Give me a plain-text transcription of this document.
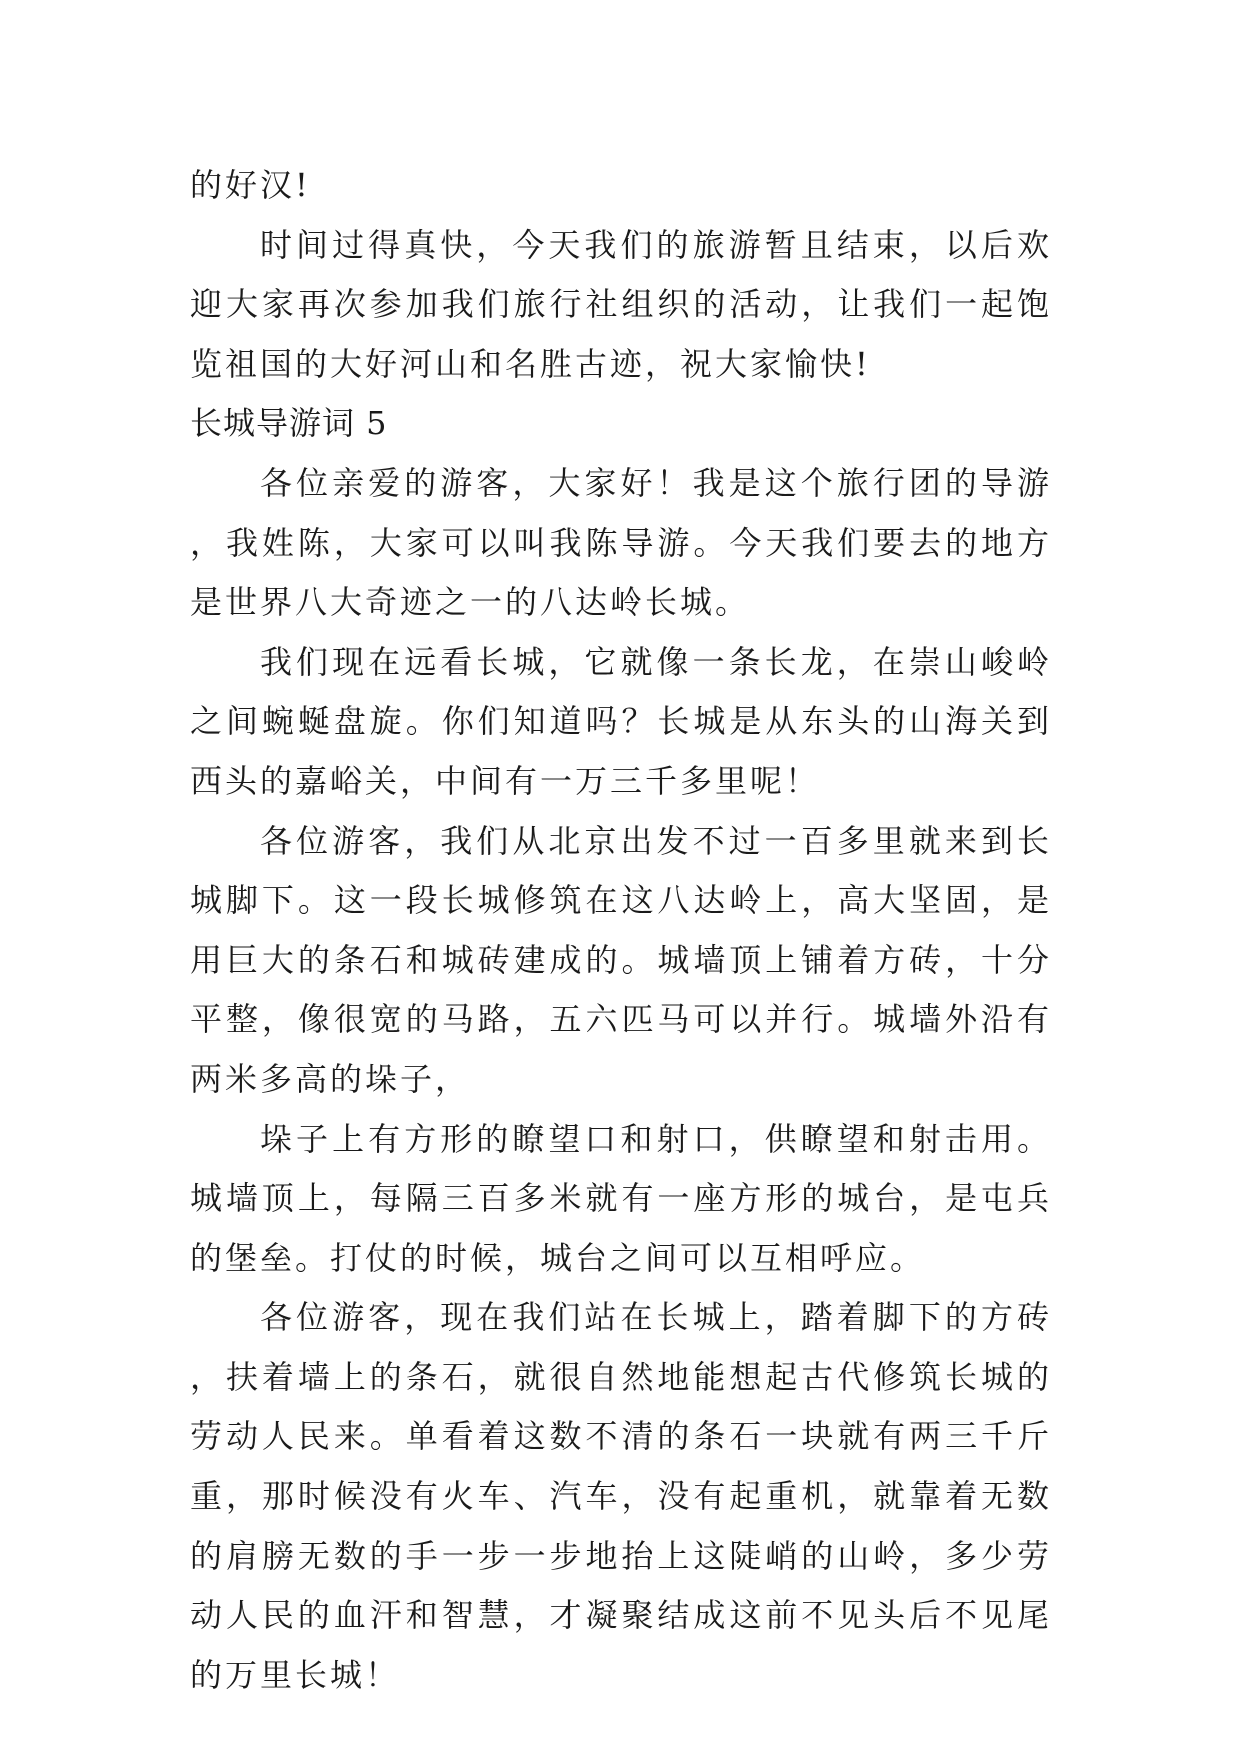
的好汉!

时间过得真快，今天我们的旅游暂且结束，以后欢迎大家再次参加我们旅行社组织的活动，让我们一起饱览祖国的大好河山和名胜古迹，祝大家愉快!

长城导游词 5

各位亲爱的游客，大家好！我是这个旅行团的导游，我姓陈，大家可以叫我陈导游。今天我们要去的地方是世界八大奇迹之一的八达岭长城。

我们现在远看长城，它就像一条长龙，在崇山峻岭之间蜿蜒盘旋。你们知道吗？长城是从东头的山海关到西头的嘉峪关，中间有一万三千多里呢！

各位游客，我们从北京出发不过一百多里就来到长城脚下。这一段长城修筑在这八达岭上，高大坚固，是用巨大的条石和城砖建成的。城墙顶上铺着方砖，十分平整，像很宽的马路，五六匹马可以并行。城墙外沿有两米多高的垛子，

垛子上有方形的瞭望口和射口，供瞭望和射击用。城墙顶上，每隔三百多米就有一座方形的城台，是屯兵的堡垒。打仗的时候，城台之间可以互相呼应。

各位游客，现在我们站在长城上，踏着脚下的方砖，扶着墙上的条石，就很自然地能想起古代修筑长城的劳动人民来。单看着这数不清的条石一块就有两三千斤重，那时候没有火车、汽车，没有起重机，就靠着无数的肩膀无数的手一步一步地抬上这陡峭的山岭，多少劳动人民的血汗和智慧，才凝聚结成这前不见头后不见尾的万里长城！
